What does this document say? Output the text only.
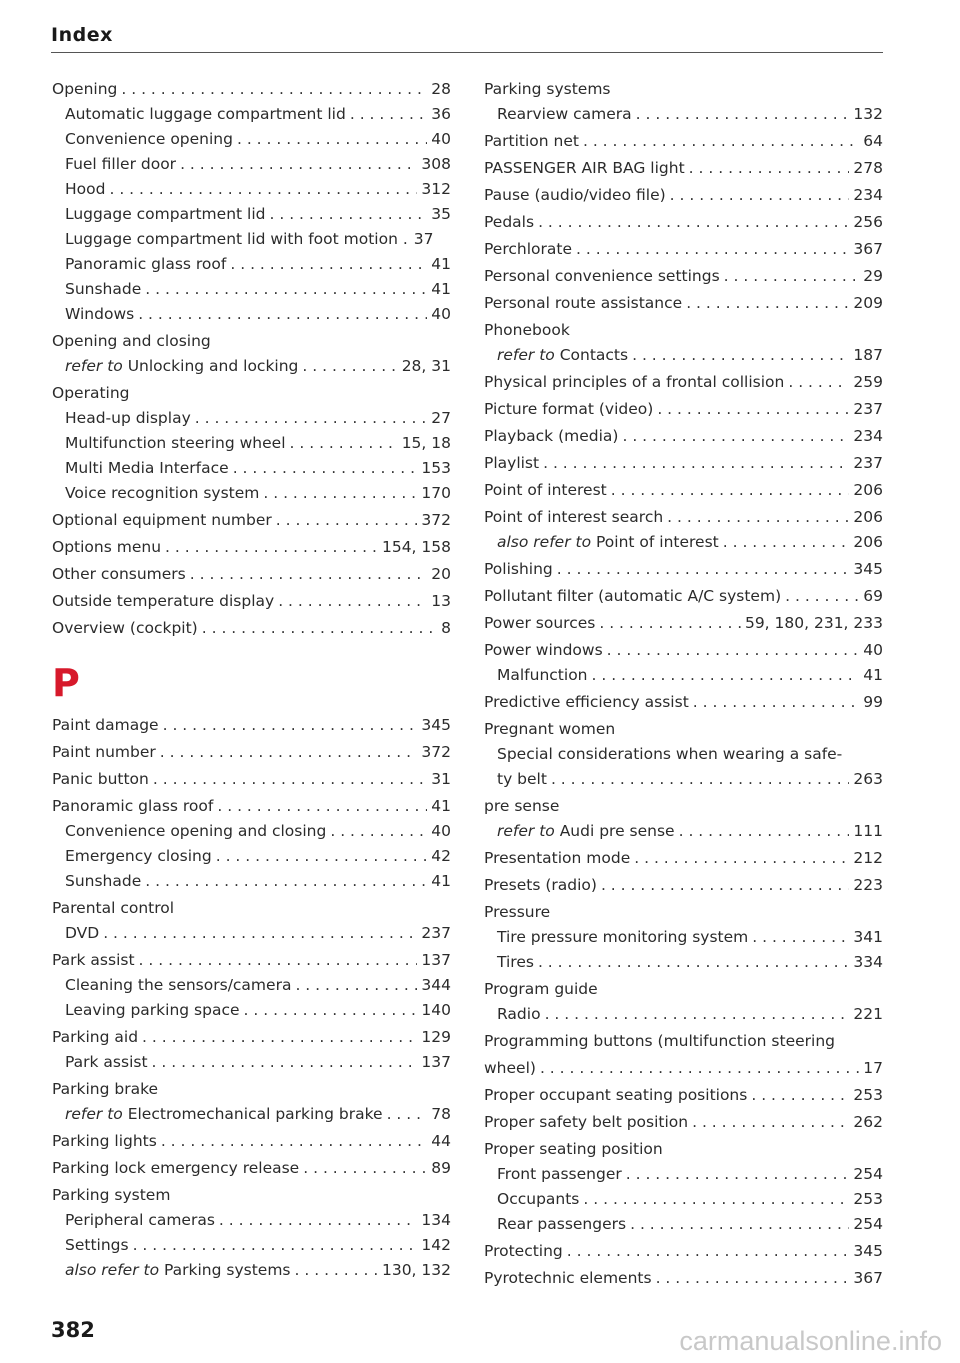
Index
Opening . . .	28
Automatic luggage compartment lid . . .	36
Convenience opening . . .	40
Fuel filler door . . .	308
Hood . . .	312
Luggage compartment lid . . .	35
Luggage compartment lid with foot motion . 37
Panoramic glass roof . . .	41
Sunshade . . .	41
Windows . . .	40
Opening and closing
refer to Unlocking and locking . . .	28, 31
Operating
Head-up display . . .	27
Multifunction steering wheel . . .	15, 18
Multi Media Interface . . .	153
Voice recognition system . . .	170
Optional equipment number . . .	372
Options menu . . .	154, 158
Other consumers . . .	20
Outside temperature display . . .	13
Overview (cockpit) . . .	8
P
Paint damage . . .	345
Paint number . . .	372
Panic button . . .	31
Panoramic glass roof . . .	41
Convenience opening and closing . . .	40
Emergency closing . . .	42
Sunshade . . .	41
Parental control
DVD . . .	237
Park assist . . .	137
Cleaning the sensors/camera . . .	344
Leaving parking space . . .	140
Parking aid . . .	129
Park assist . . .	137
Parking brake
refer to Electromechanical parking brake . . .	78
Parking lights . . .	44
Parking lock emergency release . . .	89
Parking system
Peripheral cameras . . .	134
Settings . . .	142
also refer to Parking systems . . .	130, 132
Parking systems
Rearview camera . . .	132
Partition net . . .	64
PASSENGER AIR BAG light . . .	278
Pause (audio/video file) . . .	234
Pedals . . .	256
Perchlorate . . .	367
Personal convenience settings . . .	29
Personal route assistance . . .	209
Phonebook
refer to Contacts . . .	187
Physical principles of a frontal collision . . .	259
Picture format (video) . . .	237
Playback (media) . . .	234
Playlist . . .	237
Point of interest . . .	206
Point of interest search . . .	206
also refer to Point of interest . . .	206
Polishing . . .	345
Pollutant filter (automatic A/C system) . . .	69
Power sources . . .	59, 180, 231, 233
Power windows . . .	40
Malfunction . . .	41
Predictive efficiency assist . . .	99
Pregnant women
Special considerations when wearing a safe-
ty belt . . .	263
pre sense
refer to Audi pre sense . . .	111
Presentation mode . . .	212
Presets (radio) . . .	223
Pressure
Tire pressure monitoring system . . .	341
Tires . . .	334
Program guide
Radio . . .	221
Programming buttons (multifunction steering
wheel) . . .	17
Proper occupant seating positions . . .	253
Proper safety belt position . . .	262
Proper seating position
Front passenger . . .	254
Occupants . . .	253
Rear passengers . . .	254
Protecting . . .	345
Pyrotechnic elements . . .	367
382	carmanualsonline.info
